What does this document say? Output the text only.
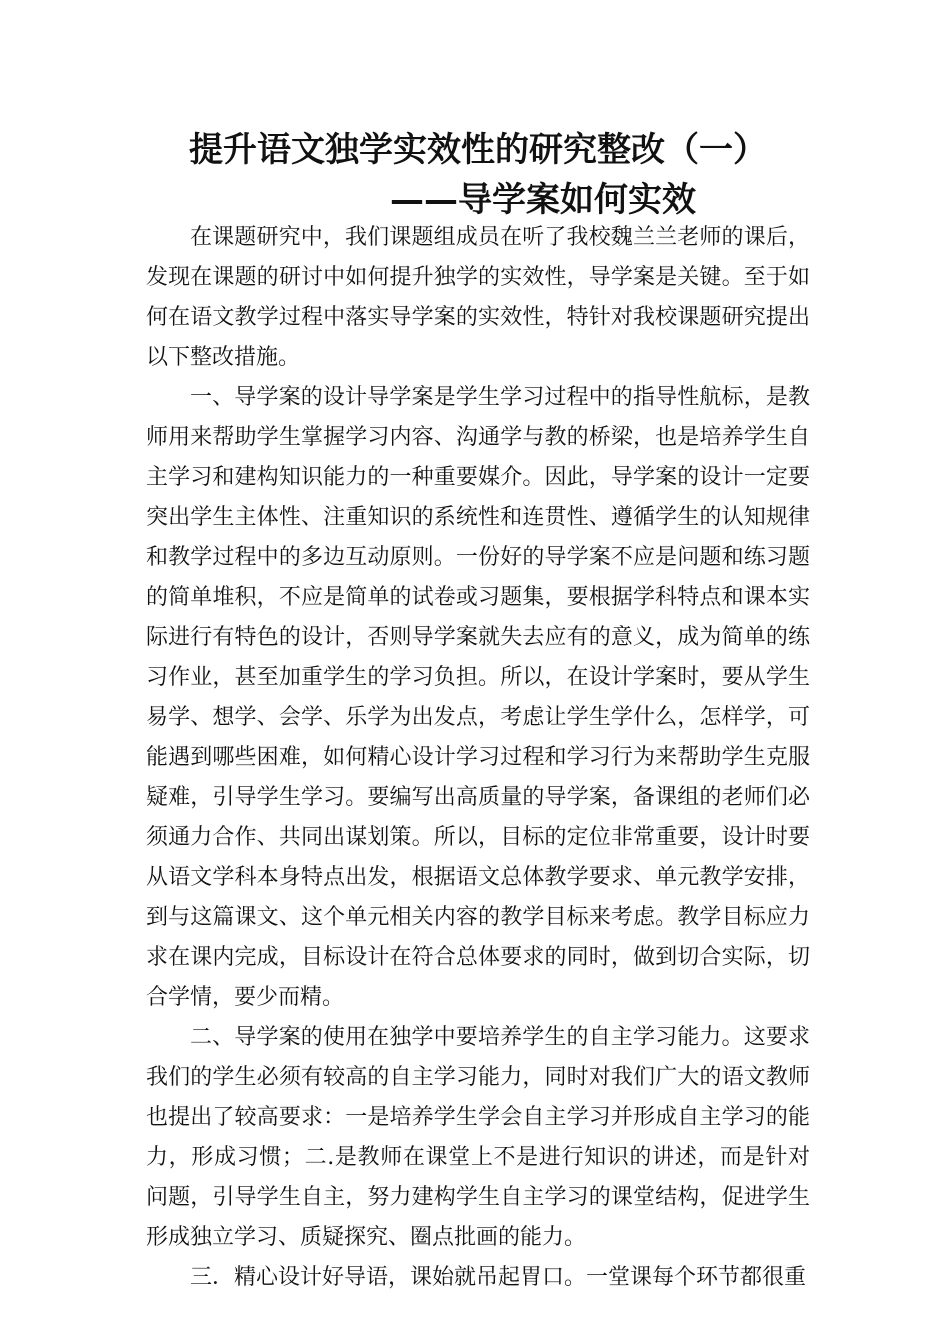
提升语文独学实效性的研究整改（一）
——导学案如何实效

在课题研究中，我们课题组成员在听了我校魏兰兰老师的课后，发现在课题的研讨中如何提升独学的实效性，导学案是关键。至于如何在语文教学过程中落实导学案的实效性，特针对我校课题研究提出以下整改措施。

一、导学案的设计导学案是学生学习过程中的指导性航标，是教师用来帮助学生掌握学习内容、沟通学与教的桥梁，也是培养学生自主学习和建构知识能力的一种重要媒介。因此，导学案的设计一定要突出学生主体性、注重知识的系统性和连贯性、遵循学生的认知规律和教学过程中的多边互动原则。一份好的导学案不应是问题和练习题的简单堆积，不应是简单的试卷或习题集，要根据学科特点和课本实际进行有特色的设计，否则导学案就失去应有的意义，成为简单的练习作业，甚至加重学生的学习负担。所以，在设计学案时，要从学生易学、想学、会学、乐学为出发点，考虑让学生学什么，怎样学，可能遇到哪些困难，如何精心设计学习过程和学习行为来帮助学生克服疑难，引导学生学习。要编写出高质量的导学案，备课组的老师们必须通力合作、共同出谋划策。所以，目标的定位非常重要，设计时要从语文学科本身特点出发，根据语文总体教学要求、单元教学安排，到与这篇课文、这个单元相关内容的教学目标来考虑。教学目标应力求在课内完成，目标设计在符合总体要求的同时，做到切合实际，切合学情，要少而精。

二、导学案的使用在独学中要培养学生的自主学习能力。这要求我们的学生必须有较高的自主学习能力，同时对我们广大的语文教师也提出了较高要求：一是培养学生学会自主学习并形成自主学习的能力，形成习惯；二.是教师在课堂上不是进行知识的讲述，而是针对问题，引导学生自主，努力建构学生自主学习的课堂结构，促进学生形成独立学习、质疑探究、圈点批画的能力。

三．精心设计好导语，课始就吊起胃口。一堂课每个环节都很重
